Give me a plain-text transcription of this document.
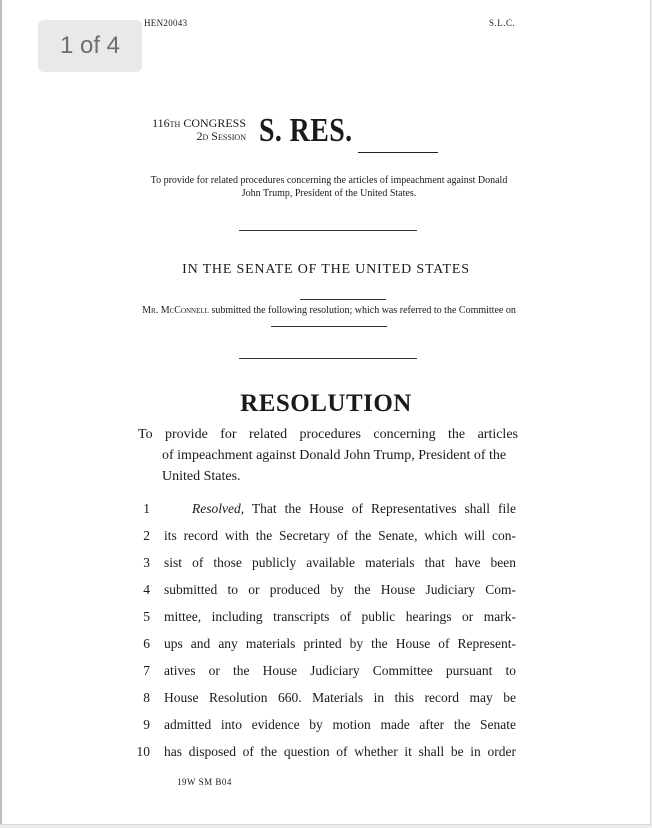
1 of 4
HEN20043	S.L.C.
116th CONGRESS
2d Session S. RES.
To provide for related procedures concerning the articles of impeachment against Donald John Trump, President of the United States.
IN THE SENATE OF THE UNITED STATES
Mr. McConnell submitted the following resolution; which was referred to the Committee on
RESOLUTION
To provide for related procedures concerning the articles
of impeachment against Donald John Trump, President of the United States.
1	Resolved, That the House of Representatives shall file
2 its record with the Secretary of the Senate, which will con-
3 sist of those publicly available materials that have been
4 submitted to or produced by the House Judiciary Com-
5 mittee, including transcripts of public hearings or mark-
6 ups and any materials printed by the House of Represent-
7 atives or the House Judiciary Committee pursuant to
8 House Resolution 660. Materials in this record may be
9 admitted into evidence by motion made after the Senate
10 has disposed of the question of whether it shall be in order
19W SM B04
